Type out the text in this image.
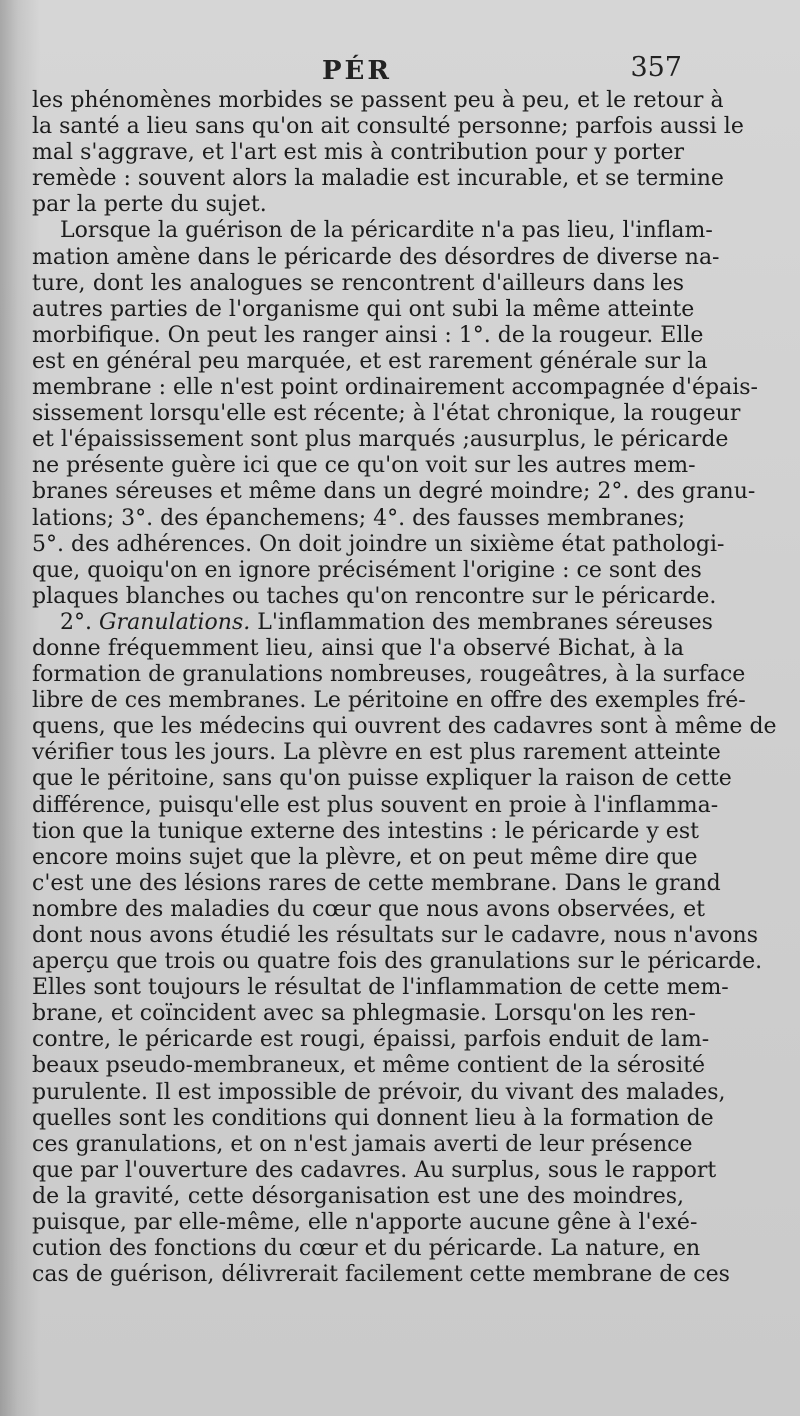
PÉR	357
les phénomènes morbides se passent peu à peu, et le retour à
la santé a lieu sans qu'on ait consulté personne; parfois aussi le
mal s'aggrave, et l'art est mis à contribution pour y porter
remède : souvent alors la maladie est incurable, et se termine
par la perte du sujet.
Lorsque la guérison de la péricardite n'a pas lieu, l'inflam-
mation amène dans le péricarde des désordres de diverse na-
ture, dont les analogues se rencontrent d'ailleurs dans les
autres parties de l'organisme qui ont subi la même atteinte
morbifique. On peut les ranger ainsi : 1°. de la rougeur. Elle
est en général peu marquée, et est rarement générale sur la
membrane : elle n'est point ordinairement accompagnée d'épais-
sissement lorsqu'elle est récente; à l'état chronique, la rougeur
et l'épaississement sont plus marqués ;ausurplus, le péricarde
ne présente guère ici que ce qu'on voit sur les autres mem-
branes séreuses et même dans un degré moindre; 2°. des granu-
lations; 3°. des épanchemens; 4°. des fausses membranes;
5°. des adhérences. On doit joindre un sixième état pathologi-
que, quoiqu'on en ignore précisément l'origine : ce sont des
plaques blanches ou taches qu'on rencontre sur le péricarde.
2°. Granulations. L'inflammation des membranes séreuses
donne fréquemment lieu, ainsi que l'a observé Bichat, à la
formation de granulations nombreuses, rougeâtres, à la surface
libre de ces membranes. Le péritoine en offre des exemples fré-
quens, que les médecins qui ouvrent des cadavres sont à même de
vérifier tous les jours. La plèvre en est plus rarement atteinte
que le péritoine, sans qu'on puisse expliquer la raison de cette
différence, puisqu'elle est plus souvent en proie à l'inflamma-
tion que la tunique externe des intestins : le péricarde y est
encore moins sujet que la plèvre, et on peut même dire que
c'est une des lésions rares de cette membrane. Dans le grand
nombre des maladies du cœur que nous avons observées, et
dont nous avons étudié les résultats sur le cadavre, nous n'avons
aperçu que trois ou quatre fois des granulations sur le péricarde.
Elles sont toujours le résultat de l'inflammation de cette mem-
brane, et coïncident avec sa phlegmasie. Lorsqu'on les ren-
contre, le péricarde est rougi, épaissi, parfois enduit de lam-
beaux pseudo-membraneux, et même contient de la sérosité
purulente. Il est impossible de prévoir, du vivant des malades,
quelles sont les conditions qui donnent lieu à la formation de
ces granulations, et on n'est jamais averti de leur présence
que par l'ouverture des cadavres. Au surplus, sous le rapport
de la gravité, cette désorganisation est une des moindres,
puisque, par elle-même, elle n'apporte aucune gêne à l'exé-
cution des fonctions du cœur et du péricarde. La nature, en
cas de guérison, délivrerait facilement cette membrane de ces
